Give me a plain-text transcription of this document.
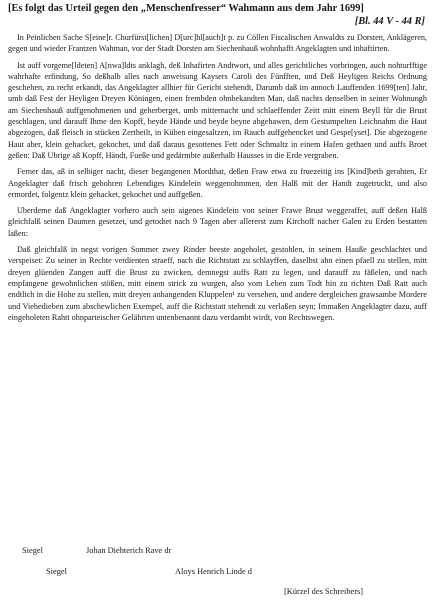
[Es folgt das Urteil gegen den „Menschenfresser“ Wahmann aus dem Jahr 1699]

[Bl. 44 V - 44 R]

In Peinlichen Sache S[eine]r. Churfürst[lichen] D[urc]hl[auch]t p. zu Cöllen Fiscalischen Anwaldts zu Dorsten, Anklägeren, gegen und wieder Frantzen Wahman, vor der Stadt Dorsten am Siechenhauß wohnhafft Angeklagten und inhaftirten.

Ist auff vorgeme[ldeten] A[nwa]ldts anklagh, deß Inhafirten Andtwort, und alles gerichtliches vorbringen, auch nohturfftige wahrhafte erfindung, So deßhalb alles nach anweisung Kaysers Caroli des Fünfften, und Deß Heyligen Reichs Ordnung geschehen, zu recht erkandt, das Angeklagter allhier für Gericht stehendt, Darumb daß im annoch Lauffenden 1699[ten] Jahr, umb daß Fest der Heyligen Dreyen Köningen, einen frembden ohnbekandten Man, daß nachts denselben in seiner Wohnungh am Siechenhauß auffgenohmenen und geherberget, umb mitternacht und schlaeffender Zeitt mitt einem Beyll für die Brust geschlagen, und darauff Ihme den Kopff, beyde Hände und beyde beyne abgehawen, dem Gestumpelten Leichnahm die Haut abgezogen, daß fleisch in stücken Zertheilt, in Küben eingesaltzen, im Rauch auffgehencket und Gespe[yset]. Die abgezogene Haut aber, klein gehacket, gekochet, und daß daraus gesottenes Fett oder Schmaltz in einem Hafen gethaen und auffs Broet geßen: Daß Ubrige aß Kopff, Händt, Fueße und gedärmbte außerhalb Hausses in die Erde vergraben.

Ferner das, aß in selbiger nacht, dieser begangenen Mordthat, deßen Fraw etwa zu fruezeitig ins [Kind]beth gerahten, Er Angeklagter daß frisch gebohren Lebendiges Kindelein weggenohmmen, den Halß mit der Handt zugetruckt, und also ermordet, folgentz klein gehacket, gekochet und auffgeßen.

Uberdeme daß Angeklagter vorhero auch sein aigenes Kindelein von seiner Frawe Brust weggeraffet, auff deßen Halß gleichfalß seinen Daumen gesetzet, und getodtet nach 9 Tagen aber allererst zum Kirchoff nacher Galen zu Erden bestatten laßen:

Daß gleichfalß in negst vorigen Sommer zwey Rinder beeste angeholet, gestohlen, in seinem Hauße geschlachtet und verspeiset: Zu seiner in Rechte verdienten straeff, nach die Richtstatt zu schlayffen, daselbst ahn einen pfaell zu stellen, mitt dreyen glüenden Zangen auff die Brust zu zwicken, demnegst auffs Ratt zu legen, und darauff zu fäßelen, und nach empfangene gewohnlichen stößen, mitt einem strick zu wurgen, also vom Leben zum Todt hin zu richten Daß Ratt auch endtlich in die Hohe zu stellen, mitt dreyen anhangenden Kluppelen¹ zu versehen, und andere dergleichen grawsambe Mordere und Viehedieben zum abschewlichen Exempel, auff die Richtstatt stehendt zu verlaßen seyn; Immaßen Angeklagter dazu, auff eingeholeten Rahtt ohnparteischer Gelährten untenbenannt dazu verdambt wirdt, von Rechtswegen.

Siegel	Johan Diehterich Rave dr
Siegel	Aloys Henrich Linde d
[Kürzel des Schreibers]
